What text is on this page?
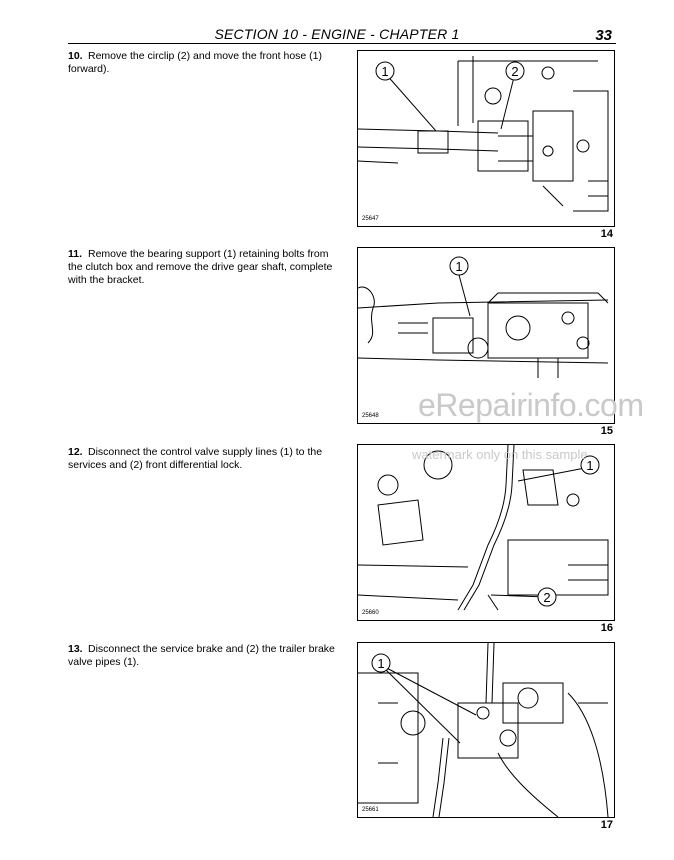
SECTION 10 - ENGINE - CHAPTER 1	33
10. Remove the circlip (2) and move the front hose (1) forward).	1	2
25647
14
11. Remove the bearing support (1) retaining bolts from the clutch box and remove the drive gear shaft, complete with the bracket.
1
25648
15
12. Disconnect the control valve supply lines (1) to the services and (2) front differential lock.	1
2
25660
16
13. Disconnect the service brake and (2) the trailer brake valve pipes (1).	1
25661
17
eRepairinfo.com
watermark only on this sample
